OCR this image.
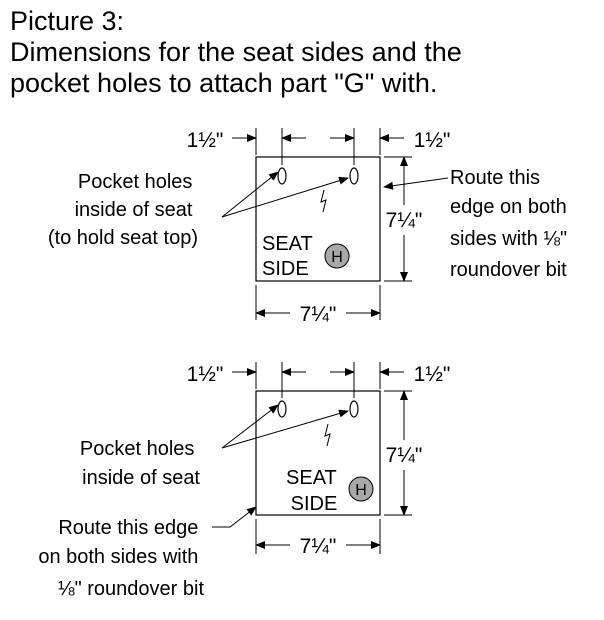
Picture 3:
Dimensions for the seat sides and the
pocket holes to attach part "G" with.
1½"	1½"
7¼"
7¼"
Pocket holes inside of seat (to hold seat top)
Route this edge on both sides with ⅛" roundover bit
SEAT SIDE
H
1½"	1½"
7¼"
7¼"
Pocket holes inside of seat
Route this edge on both sides with ⅛" roundover bit
SEAT SIDE
H
